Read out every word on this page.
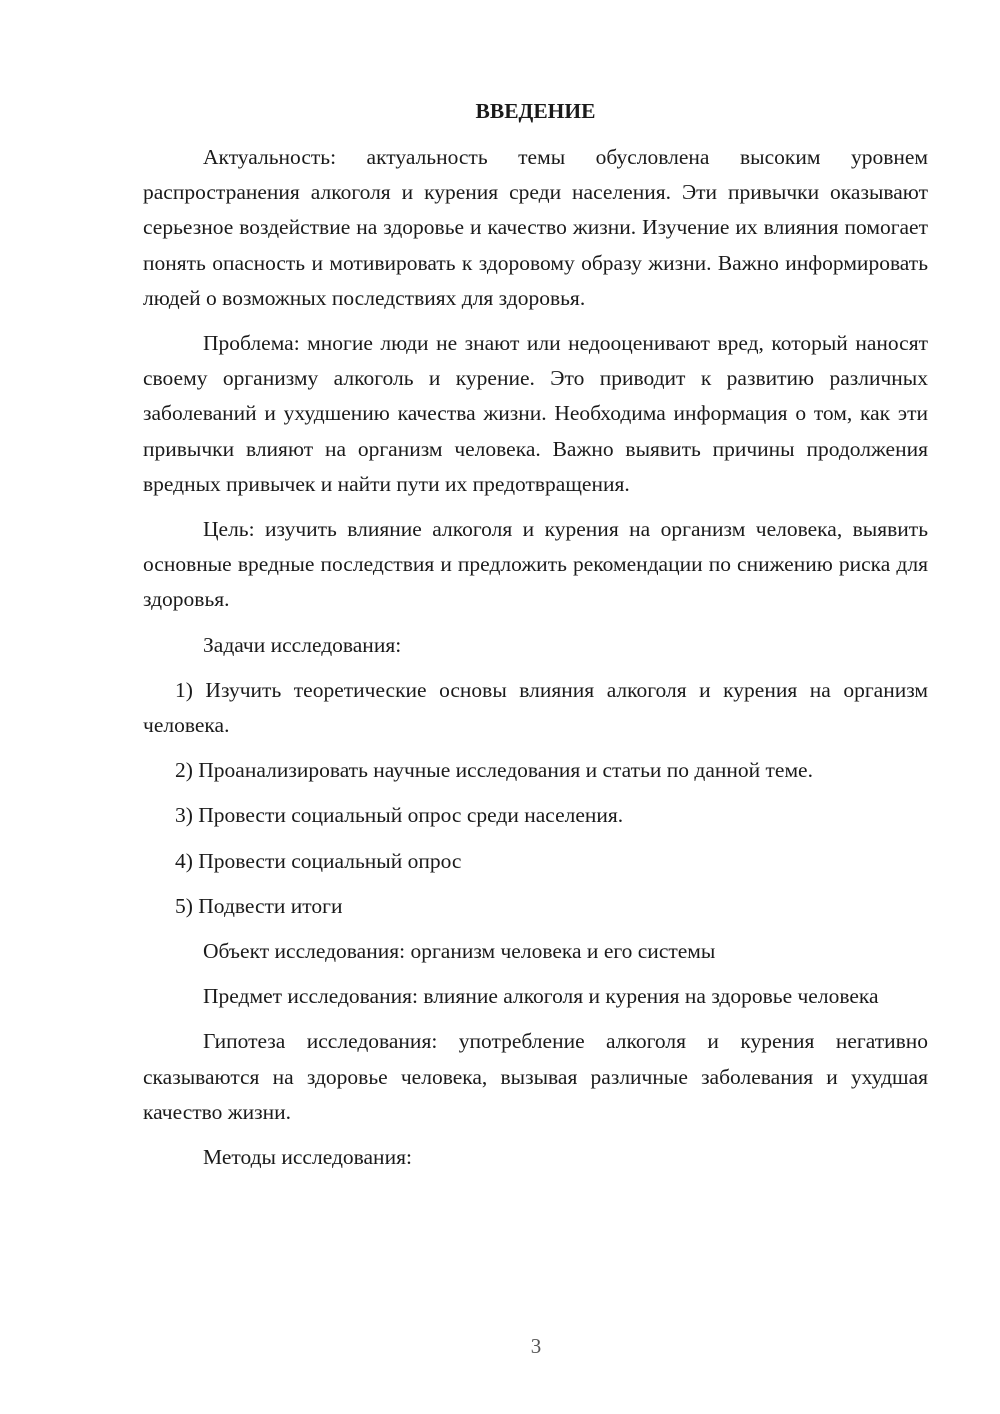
ВВЕДЕНИЕ

Актуальность: актуальность темы обусловлена высоким уровнем распространения алкоголя и курения среди населения. Эти привычки оказывают серьезное воздействие на здоровье и качество жизни. Изучение их влияния помогает понять опасность и мотивировать к здоровому образу жизни. Важно информировать людей о возможных последствиях для здоровья.

Проблема: многие люди не знают или недооценивают вред, который наносят своему организму алкоголь и курение. Это приводит к развитию различных заболеваний и ухудшению качества жизни. Необходима информация о том, как эти привычки влияют на организм человека. Важно выявить причины продолжения вредных привычек и найти пути их предотвращения.

Цель: изучить влияние алкоголя и курения на организм человека, выявить основные вредные последствия и предложить рекомендации по снижению риска для здоровья.

Задачи исследования:

1) Изучить теоретические основы влияния алкоголя и курения на организм человека.

2) Проанализировать научные исследования и статьи по данной теме.

3) Провести социальный опрос среди населения.

4) Провести социальный опрос

5) Подвести итоги

Объект исследования: организм человека и его системы

Предмет исследования: влияние алкоголя и курения на здоровье человека

Гипотеза исследования: употребление алкоголя и курения негативно сказываются на здоровье человека, вызывая различные заболевания и ухудшая качество жизни.

Методы исследования:

3
